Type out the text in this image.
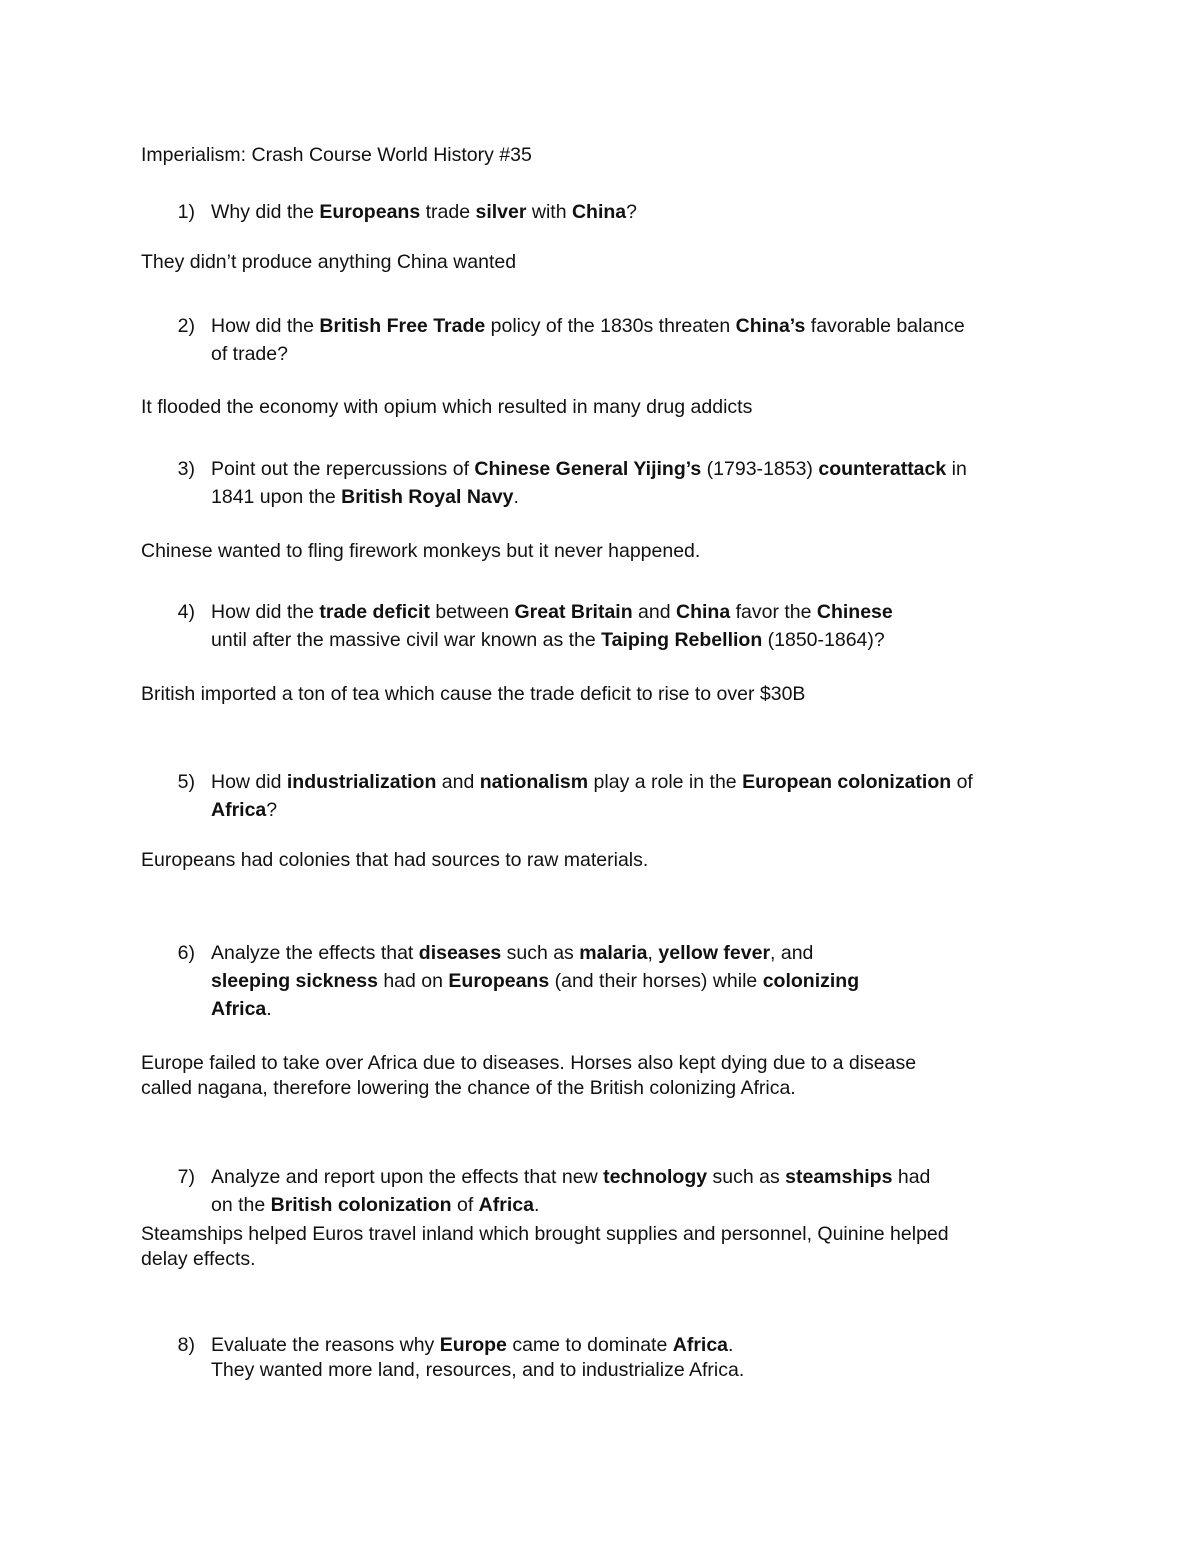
Imperialism: Crash Course World History #35
1) Why did the Europeans trade silver with China?
They didn’t produce anything China wanted
2) How did the British Free Trade policy of the 1830s threaten China’s favorable balance
of trade?
It flooded the economy with opium which resulted in many drug addicts
3) Point out the repercussions of Chinese General Yijing’s (1793-1853) counterattack in
1841 upon the British Royal Navy.
Chinese wanted to fling firework monkeys but it never happened.
4) How did the trade deficit between Great Britain and China favor the Chinese
until after the massive civil war known as the Taiping Rebellion (1850-1864)?
British imported a ton of tea which cause the trade deficit to rise to over $30B
5) How did industrialization and nationalism play a role in the European colonization of
Africa?
Europeans had colonies that had sources to raw materials.
6) Analyze the effects that diseases such as malaria, yellow fever, and
sleeping sickness had on Europeans (and their horses) while colonizing
Africa.
Europe failed to take over Africa due to diseases. Horses also kept dying due to a disease
called nagana, therefore lowering the chance of the British colonizing Africa.
7) Analyze and report upon the effects that new technology such as steamships had
on the British colonization of Africa.
Steamships helped Euros travel inland which brought supplies and personnel, Quinine helped
delay effects.
8) Evaluate the reasons why Europe came to dominate Africa.
They wanted more land, resources, and to industrialize Africa.
